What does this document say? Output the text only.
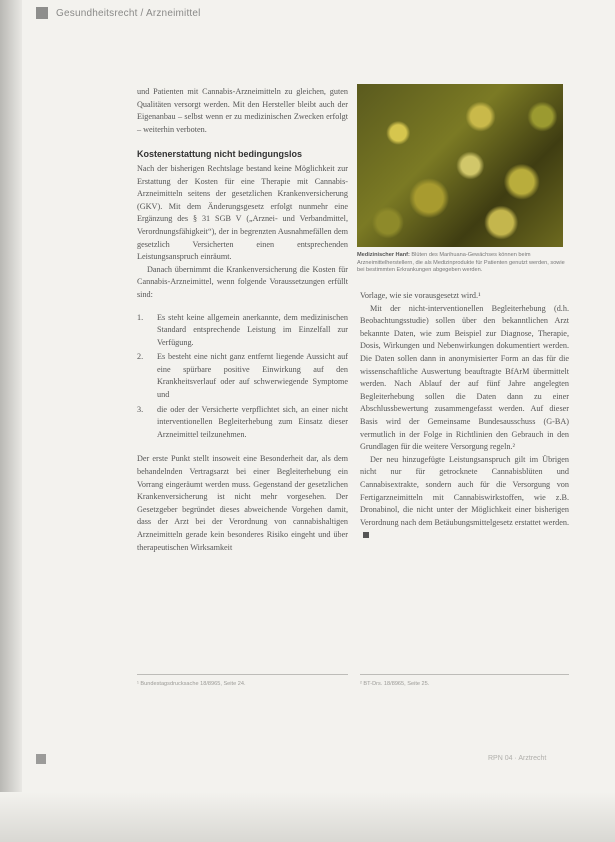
Gesundheitsrecht / Arzneimittel

und Patienten mit Cannabis-Arzneimitteln zu gleichen, guten Qualitäten versorgt werden. Mit den Hersteller bleibt auch der Eigenanbau – selbst wenn er zu medizinischen Zwecken erfolgt – weiterhin verboten.

Kostenerstattung nicht bedingungslos

Nach der bisherigen Rechtslage bestand keine Möglichkeit zur Erstattung der Kosten für eine Therapie mit Cannabis-Arzneimitteln seitens der gesetzlichen Krankenversicherung (GKV). Mit dem Änderungsgesetz erfolgt nunmehr eine Ergänzung des § 31 SGB V („Arznei- und Verbandmittel, Verordnungsfähigkeit“), der in begrenzten Ausnahmefällen dem gesetzlich Versicherten einen entsprechenden Leistungsanspruch einräumt.

Danach übernimmt die Krankenversicherung die Kosten für Cannabis-Arzneimittel, wenn folgende Voraussetzungen erfüllt sind:

1.	Es steht keine allgemein anerkannte, dem medizinischen Standard entsprechende Leistung im Einzelfall zur Verfügung.
2.	Es besteht eine nicht ganz entfernt liegende Aussicht auf eine spürbare positive Einwirkung auf den Krankheitsverlauf oder auf schwerwiegende Symptome und
3.	die oder der Versicherte verpflichtet sich, an einer nicht interventionellen Begleiterhebung zum Einsatz dieser Arzneimittel teilzunehmen.

Der erste Punkt stellt insoweit eine Besonderheit dar, als dem behandelnden Vertragsarzt bei einer Begleiterhebung ein Vorrang eingeräumt werden muss. Gegenstand der gesetzlichen Krankenversicherung ist nicht mehr vorgesehen. Der Gesetzgeber begründet dieses abweichende Vorgehen damit, dass der Arzt bei der Verordnung von cannabishaltigen Arzneimitteln gerade kein besonderes Risiko eingeht und über therapeutischen Wirksamkeit

Medizinischer Hanf: Blüten des Marihuana-Gewächses können beim Arzneimittelherstellern, die als Medizinprodukte für Patienten genutzt werden, sowie bei bestimmten Erkrankungen abgegeben werden.

Vorlage, wie sie vorausgesetzt wird.¹

Mit der nicht-interventionellen Begleiterhebung (d.h. Beobachtungsstudie) sollen über den bekanntlichen Arzt bekannte Daten, wie zum Beispiel zur Diagnose, Therapie, Dosis, Wirkungen und Nebenwirkungen dokumentiert werden. Die Daten sollen dann in anonymisierter Form an das für die wissenschaftliche Auswertung beauftragte BfArM übermittelt werden. Nach Ablauf der auf fünf Jahre angelegten Begleiterhebung sollen die Daten dann zu einer Abschlussbewertung zusammengefasst werden. Auf dieser Basis wird der Gemeinsame Bundesausschuss (G-BA) vermutlich in der Folge in Richtlinien den Gebrauch in den Grundlagen für die weitere Versorgung regeln.²

Der neu hinzugefügte Leistungsanspruch gilt im Übrigen nicht nur für getrocknete Cannabisblüten und Cannabisextrakte, sondern auch für die Versorgung von Fertigarzneimitteln mit Cannabiswirkstoffen, wie z.B. Dronabinol, die nicht unter der Möglichkeit einer bisherigen Verordnung nach dem Betäubungsmittelgesetz erstattet werden.

¹ Bundestagsdrucksache 18/8965, Seite 24.	² BT-Drs. 18/8965, Seite 25.
RPN 04 · Arztrecht
